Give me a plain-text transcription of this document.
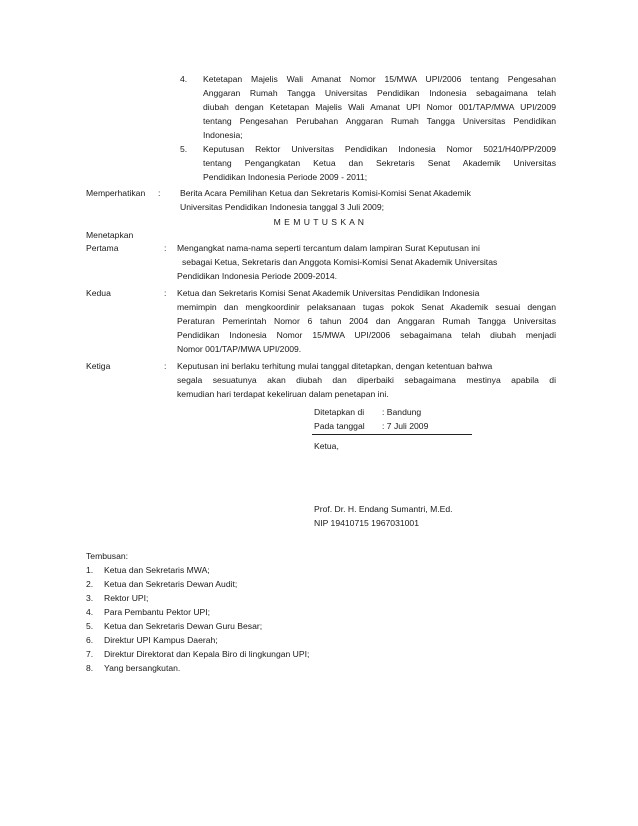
4. Ketetapan Majelis Wali Amanat Nomor 15/MWA UPI/2006 tentang Pengesahan
Anggaran Rumah Tangga Universitas Pendidikan Indonesia sebagaimana telah
diubah dengan Ketetapan Majelis Wali Amanat UPI Nomor 001/TAP/MWA UPI/2009
tentang Pengesahan Perubahan Anggaran Rumah Tangga Universitas Pendidikan
Indonesia;
5. Keputusan Rektor Universitas Pendidikan Indonesia Nomor 5021/H40/PP/2009
tentang Pengangkatan Ketua dan Sekretaris Senat Akademik Universitas
Pendidikan Indonesia Periode 2009 - 2011;
Memperhatikan : Berita Acara Pemilihan Ketua dan Sekretaris Komisi-Komisi Senat Akademik
Universitas Pendidikan Indonesia tanggal 3 Juli 2009;
M E M U T U S K A N
Menetapkan
Pertama	: Mengangkat nama-nama seperti tercantum dalam lampiran Surat Keputusan ini
sebagai Ketua, Sekretaris dan Anggota Komisi-Komisi Senat Akademik Universitas
Pendidikan Indonesia Periode 2009-2014.
Kedua	: Ketua dan Sekretaris Komisi Senat Akademik Universitas Pendidikan Indonesia
memimpin dan mengkoordinir pelaksanaan tugas pokok Senat Akademik sesuai dengan
Peraturan Pemerintah Nomor 6 tahun 2004 dan Anggaran Rumah Tangga Universitas
Pendidikan Indonesia Nomor 15/MWA UPI/2006 sebagaimana telah diubah menjadi
Nomor 001/TAP/MWA UPI/2009.
Ketiga	: Keputusan ini berlaku terhitung mulai tanggal ditetapkan, dengan ketentuan bahwa
segala sesuatunya akan diubah dan diperbaiki sebagaimana mestinya apabila di
kemudian hari terdapat kekeliruan dalam penetapan ini.
Ditetapkan di : Bandung
Pada tanggal : 7 Juli 2009
Ketua,
Prof. Dr. H. Endang Sumantri, M.Ed.
NIP 19410715 1967031001
Tembusan:
1. Ketua dan Sekretaris MWA;
2. Ketua dan Sekretaris Dewan Audit;
3. Rektor UPI;
4. Para Pembantu Pektor UPI;
5. Ketua dan Sekretaris Dewan Guru Besar;
6. Direktur UPI Kampus Daerah;
7. Direktur Direktorat dan Kepala Biro di lingkungan UPI;
8. Yang bersangkutan.
